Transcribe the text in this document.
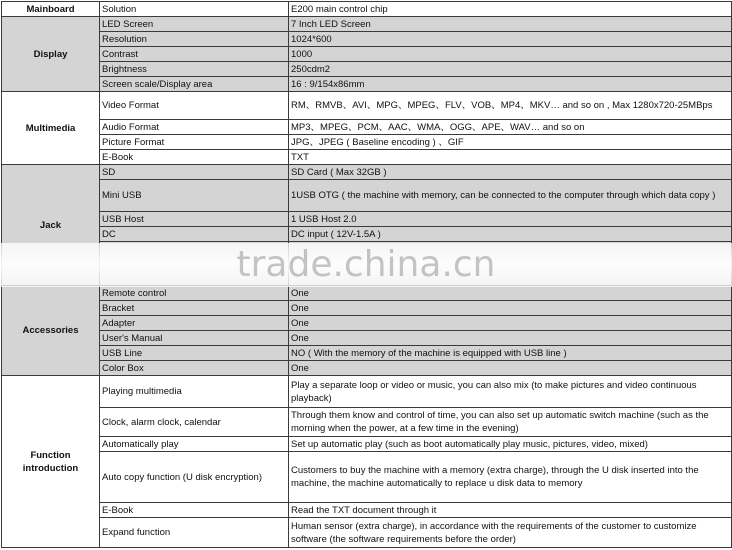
Mainboard	Solution	E200 main control chip
Display	LED Screen	7 Inch LED Screen
	Resolution	1024*600
	Contrast	1000
	Brightness	250cdm2
	Screen scale/Display area	16 : 9/154x86mm
Multimedia	Video Format	RM、RMVB、AVI、MPG、MPEG、FLV、VOB、MP4、MKV… and so on , Max 1280x720-25MBps
	Audio Format	MP3、MPEG、PCM、AAC、WMA、OGG、APE、WAV… and so on
	Picture Format	JPG、JPEG ( Baseline encoding ) 、GIF
	E-Book	TXT
Jack	SD	SD Card ( Max 32GB )
	Mini USB	1USB OTG ( the machine with memory, can be connected to the computer through which data copy )
	USB Host	1 USB Host 2.0
	DC	DC input ( 12V-1.5A )

Accessories	Remote control	One
	Bracket	One
	Adapter	One
	User's Manual	One
	USB Line	NO ( With the memory of the machine is equipped with USB line )
	Color Box	One
Function introduction	Playing multimedia	Play a separate loop or video or music, you can also mix (to make pictures and video continuous playback)
	Clock, alarm clock, calendar	Through them know and control of time, you can also set up automatic switch machine (such as the morning when the power, at a few time in the evening)
	Automatically play	Set up automatic play (such as boot automatically play music, pictures, video, mixed)
	Auto copy function (U disk encryption)	Customers to buy the machine with a memory (extra charge), through the U disk inserted into the machine, the machine automatically to replace u disk data to memory
	E-Book	Read the TXT document through it
	Expand function	Human sensor (extra charge), in accordance with the requirements of the customer to customize software (the software requirements before the order)
trade.china.cn
